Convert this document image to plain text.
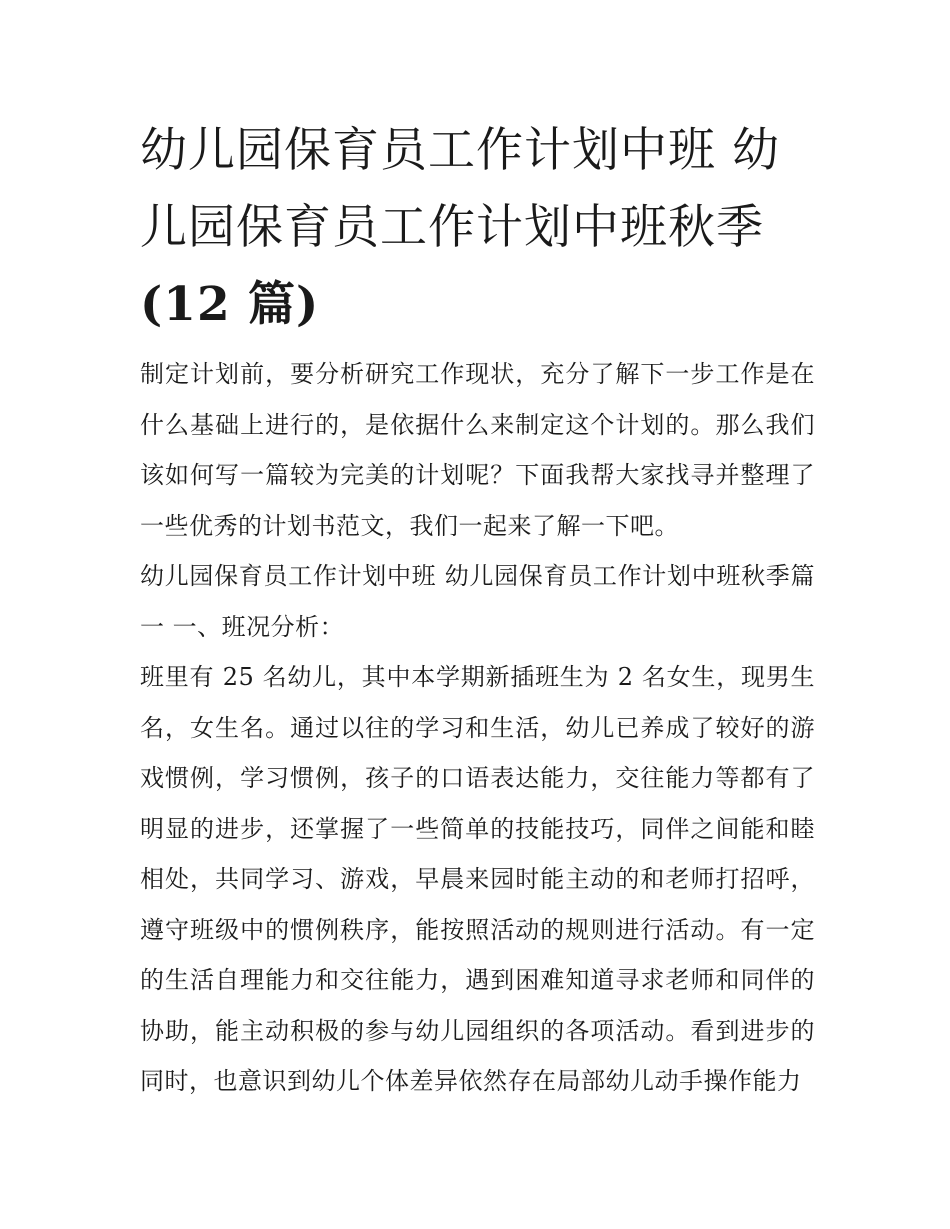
幼儿园保育员工作计划中班 幼
儿园保育员工作计划中班秋季
(12 篇)

制定计划前，要分析研究工作现状，充分了解下一步工作是在什么基础上进行的，是依据什么来制定这个计划的。那么我们该如何写一篇较为完美的计划呢？下面我帮大家找寻并整理了一些优秀的计划书范文，我们一起来了解一下吧。

幼儿园保育员工作计划中班 幼儿园保育员工作计划中班秋季篇一 一、班况分析：

班里有 25 名幼儿，其中本学期新插班生为 2 名女生，现男生名，女生名。通过以往的学习和生活，幼儿已养成了较好的游戏惯例，学习惯例，孩子的口语表达能力，交往能力等都有了明显的进步，还掌握了一些简单的技能技巧，同伴之间能和睦相处，共同学习、游戏，早晨来园时能主动的和老师打招呼，遵守班级中的惯例秩序，能按照活动的规则进行活动。有一定的生活自理能力和交往能力，遇到困难知道寻求老师和同伴的协助，能主动积极的参与幼儿园组织的各项活动。看到进步的同时，也意识到幼儿个体差异依然存在局部幼儿动手操作能力
